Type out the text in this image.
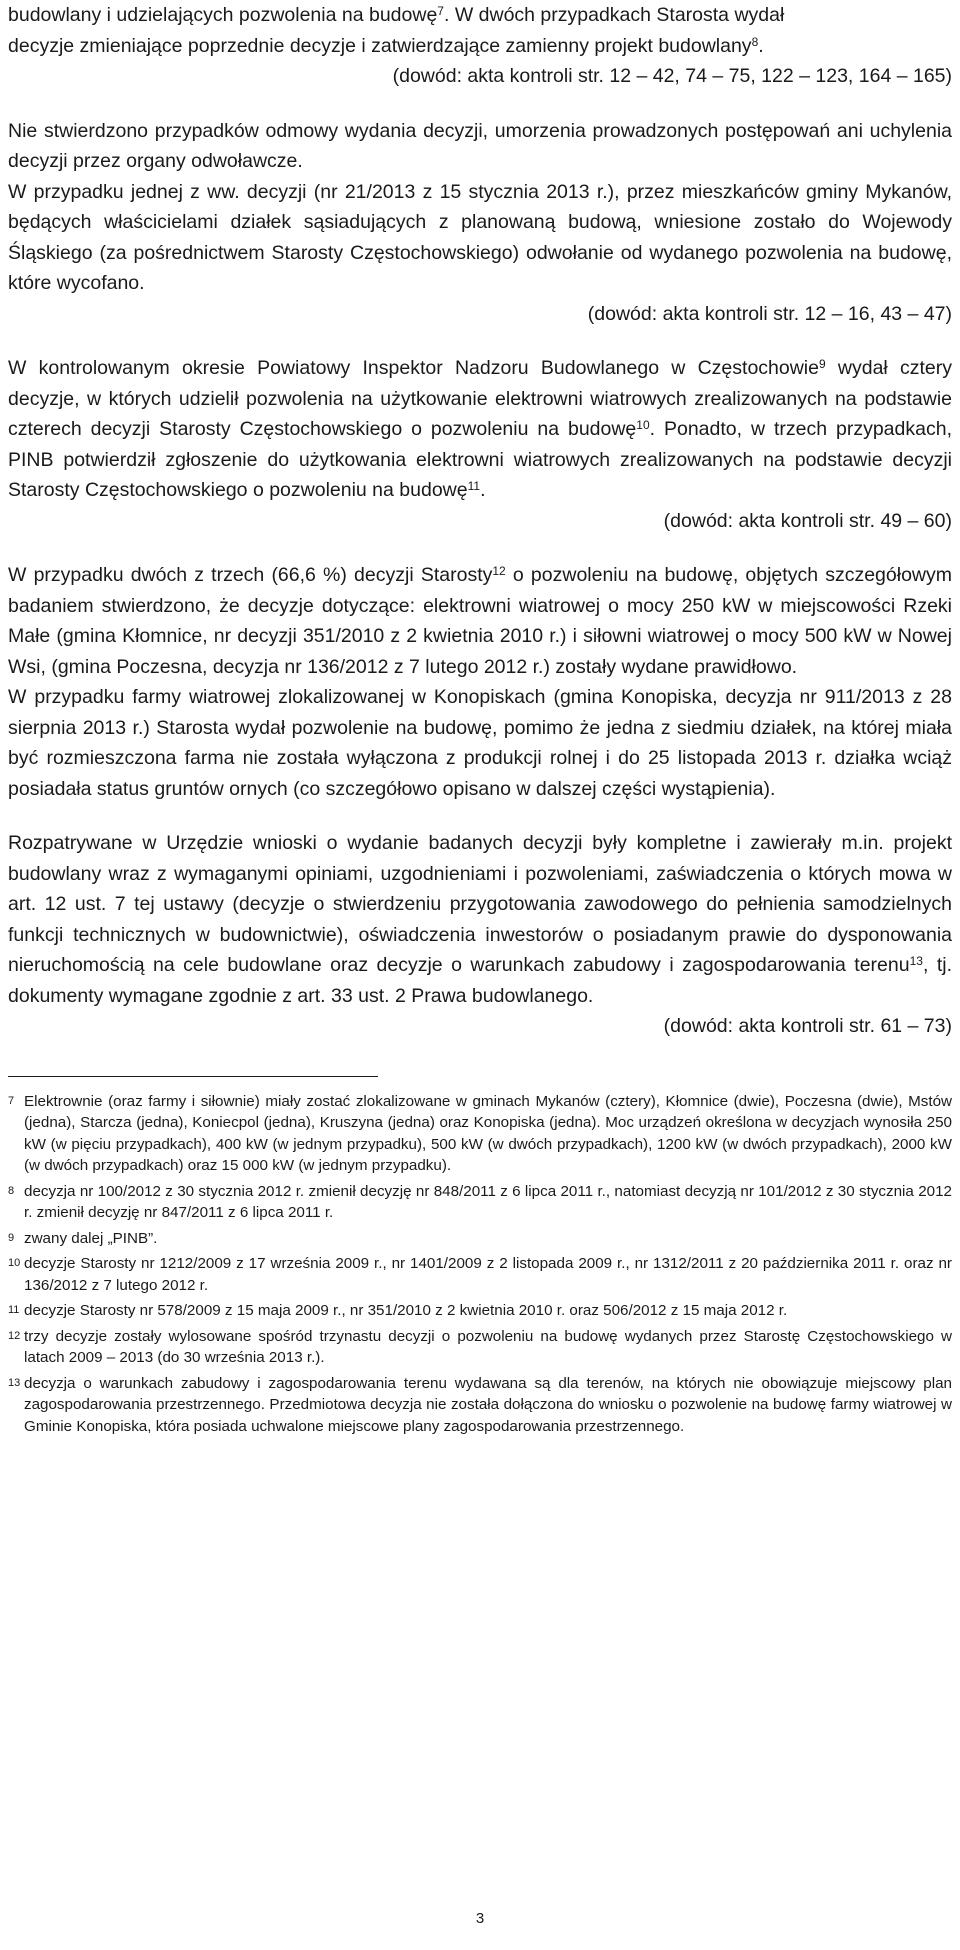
budowlany i udzielających pozwolenia na budowę$^7$. W dwóch przypadkach Starosta wydał
decyzje zmieniające poprzednie decyzje i zatwierdzające zamienny projekt budowlany$^8$.

(dowód: akta kontroli str. 12 – 42, 74 – 75, 122 – 123, 164 – 165)

Nie stwierdzono przypadków odmowy wydania decyzji, umorzenia prowadzonych postępowań ani uchylenia decyzji przez organy odwoławcze.

W przypadku jednej z ww. decyzji (nr 21/2013 z 15 stycznia 2013 r.), przez mieszkańców gminy Mykanów, będących właścicielami działek sąsiadujących z planowaną budową, wniesione zostało do Wojewody Śląskiego (za pośrednictwem Starosty Częstochowskiego) odwołanie od wydanego pozwolenia na budowę, które wycofano.

(dowód: akta kontroli str. 12 – 16, 43 – 47)

W kontrolowanym okresie Powiatowy Inspektor Nadzoru Budowlanego w Częstochowie$^9$ wydał cztery decyzje, w których udzielił pozwolenia na użytkowanie elektrowni wiatrowych zrealizowanych na podstawie czterech decyzji Starosty Częstochowskiego o pozwoleniu na budowę$^{10}$. Ponadto, w trzech przypadkach, PINB potwierdził zgłoszenie do użytkowania elektrowni wiatrowych zrealizowanych na podstawie decyzji Starosty Częstochowskiego o pozwoleniu na budowę$^{11}$.

(dowód: akta kontroli str. 49 – 60)

W przypadku dwóch z trzech (66,6 %) decyzji Starosty$^{12}$ o pozwoleniu na budowę, objętych szczegółowym badaniem stwierdzono, że decyzje dotyczące: elektrowni wiatrowej o mocy 250 kW w miejscowości Rzeki Małe (gmina Kłomnice, nr decyzji 351/2010 z 2 kwietnia 2010 r.) i siłowni wiatrowej o mocy 500 kW w Nowej Wsi, (gmina Poczesna, decyzja nr 136/2012 z 7 lutego 2012 r.) zostały wydane prawidłowo.

W przypadku farmy wiatrowej zlokalizowanej w Konopiskach (gmina Konopiska, decyzja nr 911/2013 z 28 sierpnia 2013 r.) Starosta wydał pozwolenie na budowę, pomimo że jedna z siedmiu działek, na której miała być rozmieszczona farma nie została wyłączona z produkcji rolnej i do 25 listopada 2013 r. działka wciąż posiadała status gruntów ornych (co szczegółowo opisano w dalszej części wystąpienia).

Rozpatrywane w Urzędzie wnioski o wydanie badanych decyzji były kompletne i zawierały m.in. projekt budowlany wraz z wymaganymi opiniami, uzgodnieniami i pozwoleniami, zaświadczenia o których mowa w art. 12 ust. 7 tej ustawy (decyzje o stwierdzeniu przygotowania zawodowego do pełnienia samodzielnych funkcji technicznych w budownictwie), oświadczenia inwestorów o posiadanym prawie do dysponowania nieruchomością na cele budowlane oraz decyzje o warunkach zabudowy i zagospodarowania terenu$^{13}$, tj. dokumenty wymagane zgodnie z art. 33 ust. 2 Prawa budowlanego.

(dowód: akta kontroli str. 61 – 73)

7 Elektrownie (oraz farmy i siłownie) miały zostać zlokalizowane w gminach Mykanów (cztery), Kłomnice (dwie), Poczesna (dwie), Mstów (jedna), Starcza (jedna), Koniecpol (jedna), Kruszyna (jedna) oraz Konopiska (jedna). Moc urządzeń określona w decyzjach wynosiła 250 kW (w pięciu przypadkach), 400 kW (w jednym przypadku), 500 kW (w dwóch przypadkach), 1200 kW (w dwóch przypadkach), 2000 kW (w dwóch przypadkach) oraz 15 000 kW (w jednym przypadku).

8 decyzja nr 100/2012 z 30 stycznia 2012 r. zmienił decyzję nr 848/2011 z 6 lipca 2011 r., natomiast decyzją nr 101/2012 z 30 stycznia 2012 r. zmienił decyzję nr 847/2011 z 6 lipca 2011 r.

9 zwany dalej „PINB”.

10 decyzje Starosty nr 1212/2009 z 17 września 2009 r., nr 1401/2009 z 2 listopada 2009 r., nr 1312/2011 z 20 października 2011 r. oraz nr 136/2012 z 7 lutego 2012 r.

11 decyzje Starosty nr 578/2009 z 15 maja 2009 r., nr 351/2010 z 2 kwietnia 2010 r. oraz 506/2012 z 15 maja 2012 r.

12 trzy decyzje zostały wylosowane spośród trzynastu decyzji o pozwoleniu na budowę wydanych przez Starostę Częstochowskiego w latach 2009 – 2013 (do 30 września 2013 r.).

13 decyzja o warunkach zabudowy i zagospodarowania terenu wydawana są dla terenów, na których nie obowiązuje miejscowy plan zagospodarowania przestrzennego. Przedmiotowa decyzja nie została dołączona do wniosku o pozwolenie na budowę farmy wiatrowej w Gminie Konopiska, która posiada uchwalone miejscowe plany zagospodarowania przestrzennego.

3
